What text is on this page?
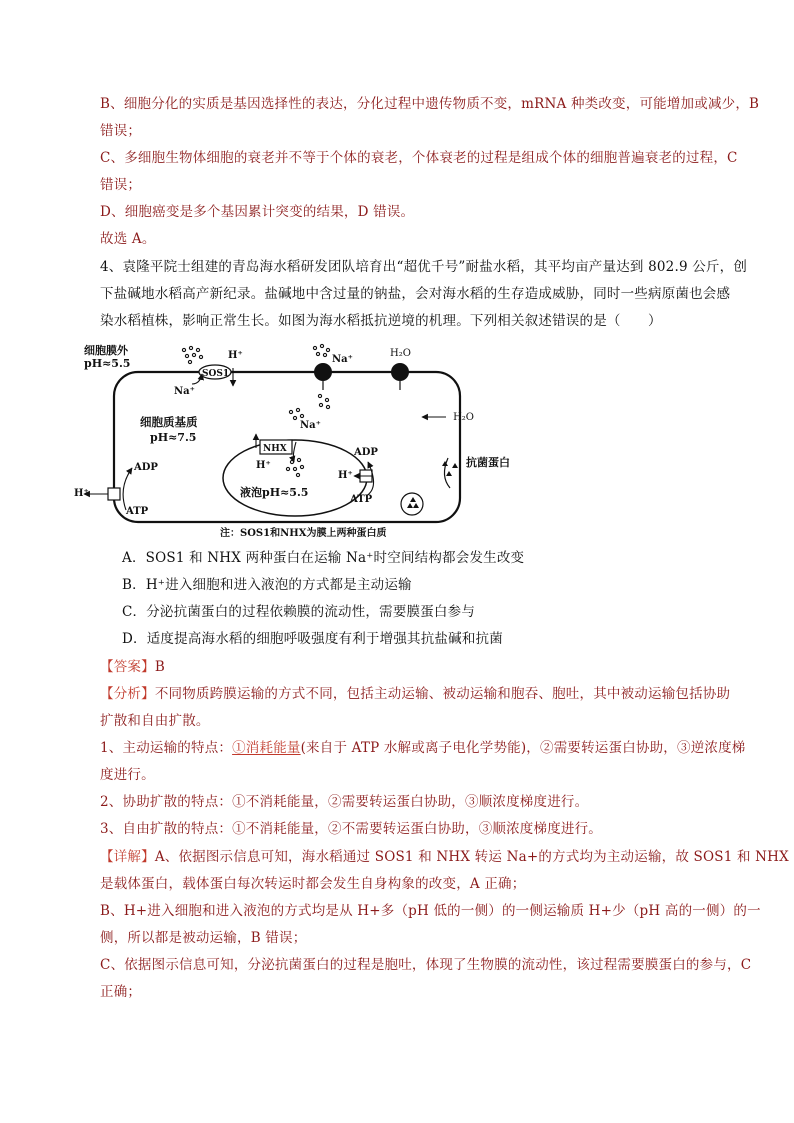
B、细胞分化的实质是基因选择性的表达，分化过程中遗传物质不变，mRNA 种类改变，可能增加或减少，B
错误；
C、多细胞生物体细胞的衰老并不等于个体的衰老，个体衰老的过程是组成个体的细胞普遍衰老的过程，C
错误；
D、细胞癌变是多个基因累计突变的结果，D 错误。
故选 A。
4、袁隆平院士组建的青岛海水稻研发团队培育出“超优千号”耐盐水稻，其平均亩产量达到 802.9 公斤，创
下盐碱地水稻高产新纪录。盐碱地中含过量的钠盐，会对海水稻的生存造成威胁，同时一些病原菌也会感
染水稻植株，影响正常生长。如图为海水稻抵抗逆境的机理。下列相关叙述错误的是（　　）
细胞膜外
pH≈5.5
SOS1
H⁺
Na⁺
Na⁺
H₂O
H₂O
细胞质基质
pH≈7.5
NHX
Na⁺
H⁺
液泡pH≈5.5
H⁺
ADP
ATP
H⁺
ADP
ATP
抗菌蛋白
注：SOS1和NHX为膜上两种蛋白质
A．SOS1 和 NHX 两种蛋白在运输 Na⁺时空间结构都会发生改变
B．H⁺进入细胞和进入液泡的方式都是主动运输
C．分泌抗菌蛋白的过程依赖膜的流动性，需要膜蛋白参与
D．适度提高海水稻的细胞呼吸强度有利于增强其抗盐碱和抗菌
【答案】B
【分析】不同物质跨膜运输的方式不同，包括主动运输、被动运输和胞吞、胞吐，其中被动运输包括协助
扩散和自由扩散。
1、主动运输的特点：①消耗能量(来自于 ATP 水解或离子电化学势能)，②需要转运蛋白协助，③逆浓度梯
度进行。
2、协助扩散的特点：①不消耗能量，②需要转运蛋白协助，③顺浓度梯度进行。
3、自由扩散的特点：①不消耗能量，②不需要转运蛋白协助，③顺浓度梯度进行。
【详解】A、依据图示信息可知，海水稻通过 SOS1 和 NHX 转运 Na+的方式均为主动运输，故 SOS1 和 NHX
是载体蛋白，载体蛋白每次转运时都会发生自身构象的改变，A 正确；
B、H+进入细胞和进入液泡的方式均是从 H+多（pH 低的一侧）的一侧运输质 H+少（pH 高的一侧）的一
侧，所以都是被动运输，B 错误；
C、依据图示信息可知，分泌抗菌蛋白的过程是胞吐，体现了生物膜的流动性，该过程需要膜蛋白的参与，C
正确；
